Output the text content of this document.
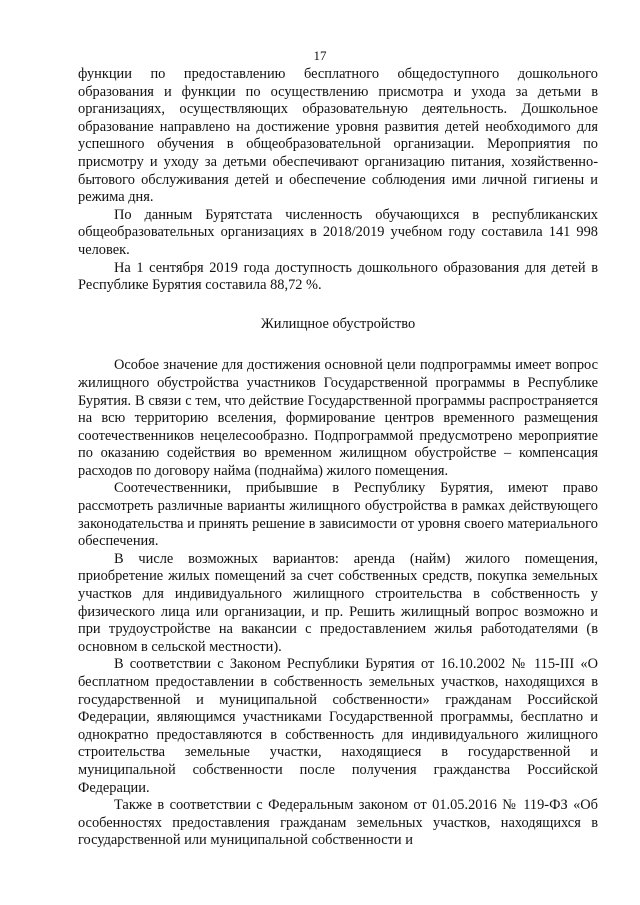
17

функции по предоставлению бесплатного общедоступного дошкольного образования и функции по осуществлению присмотра и ухода за детьми в организациях, осуществляющих образовательную деятельность. Дошкольное образование направлено на достижение уровня развития детей необходимого для успешного обучения в общеобразовательной организации. Мероприятия по присмотру и уходу за детьми обеспечивают организацию питания, хозяйственно-бытового обслуживания детей и обеспечение соблюдения ими личной гигиены и режима дня.

По данным Бурятстата численность обучающихся в республиканских общеобразовательных организациях в 2018/2019 учебном году составила 141 998 человек.

На 1 сентября 2019 года доступность дошкольного образования для детей в Республике Бурятия составила 88,72 %.

Жилищное обустройство

Особое значение для достижения основной цели подпрограммы имеет вопрос жилищного обустройства участников Государственной программы в Республике Бурятия. В связи с тем, что действие Государственной программы распространяется на всю территорию вселения, формирование центров временного размещения соотечественников нецелесообразно. Подпрограммой предусмотрено мероприятие по оказанию содействия во временном жилищном обустройстве – компенсация расходов по договору найма (поднайма) жилого помещения.

Соотечественники, прибывшие в Республику Бурятия, имеют право рассмотреть различные варианты жилищного обустройства в рамках действующего законодательства и принять решение в зависимости от уровня своего материального обеспечения.

В числе возможных вариантов: аренда (найм) жилого помещения, приобретение жилых помещений за счет собственных средств, покупка земельных участков для индивидуального жилищного строительства в собственность у физического лица или организации, и пр. Решить жилищный вопрос возможно и при трудоустройстве на вакансии с предоставлением жилья работодателями (в основном в сельской местности).

В соответствии с Законом Республики Бурятия от 16.10.2002 № 115-III «О бесплатном предоставлении в собственность земельных участков, находящихся в государственной и муниципальной собственности» гражданам Российской Федерации, являющимся участниками Государственной программы, бесплатно и однократно предоставляются в собственность для индивидуального жилищного строительства земельные участки, находящиеся в государственной и муниципальной собственности после получения гражданства Российской Федерации.

Также в соответствии с Федеральным законом от 01.05.2016 № 119-ФЗ «Об особенностях предоставления гражданам земельных участков, находящихся в государственной или муниципальной собственности и
